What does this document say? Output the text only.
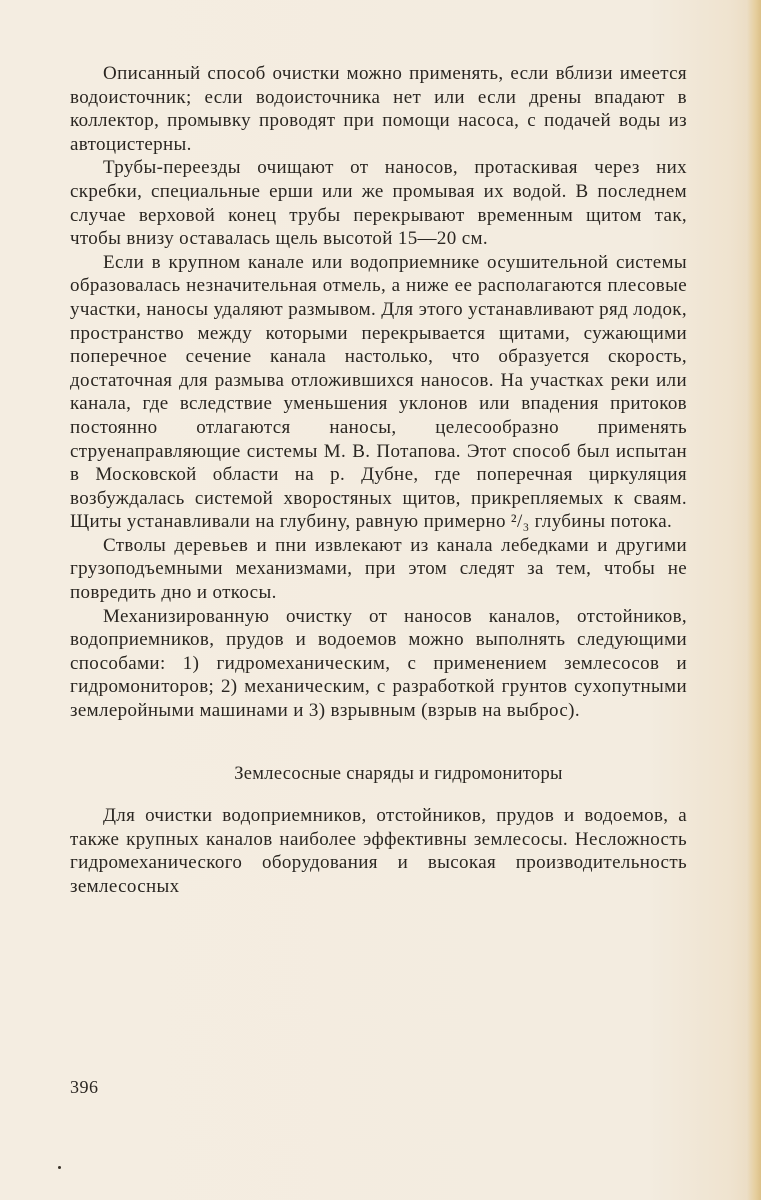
Описанный способ очистки можно применять, если вблизи имеется водоисточник; если водоисточника нет или если дрены впадают в коллектор, промывку проводят при помощи насоса, с подачей воды из автоцистерны.

Трубы-переезды очищают от наносов, протаскивая через них скребки, специальные ерши или же промывая их водой. В последнем случае верховой конец трубы перекрывают временным щитом так, чтобы внизу оставалась щель высотой 15—20 см.

Если в крупном канале или водоприемнике осушительной системы образовалась незначительная отмель, а ниже ее располагаются плесовые участки, наносы удаляют размывом. Для этого устанавливают ряд лодок, пространство между которыми перекрывается щитами, сужающими поперечное сечение канала настолько, что образуется скорость, достаточная для размыва отложившихся наносов. На участках реки или канала, где вследствие уменьшения уклонов или впадения притоков постоянно отлагаются наносы, целесообразно применять струенаправляющие системы М. В. Потапова. Этот способ был испытан в Московской области на р. Дубне, где поперечная циркуляция возбуждалась системой хворостяных щитов, прикрепляемых к сваям. Щиты устанавливали на глубину, равную примерно ²/₃ глубины потока.

Стволы деревьев и пни извлекают из канала лебедками и другими грузоподъемными механизмами, при этом следят за тем, чтобы не повредить дно и откосы.

Механизированную очистку от наносов каналов, отстойников, водоприемников, прудов и водоемов можно выполнять следующими способами: 1) гидромеханическим, с применением землесосов и гидромониторов; 2) механическим, с разработкой грунтов сухопутными землеройными машинами и 3) взрывным (взрыв на выброс).

Землесосные снаряды и гидромониторы

Для очистки водоприемников, отстойников, прудов и водоемов, а также крупных каналов наиболее эффективны землесосы. Несложность гидромеханического оборудования и высокая производительность землесосных

396
